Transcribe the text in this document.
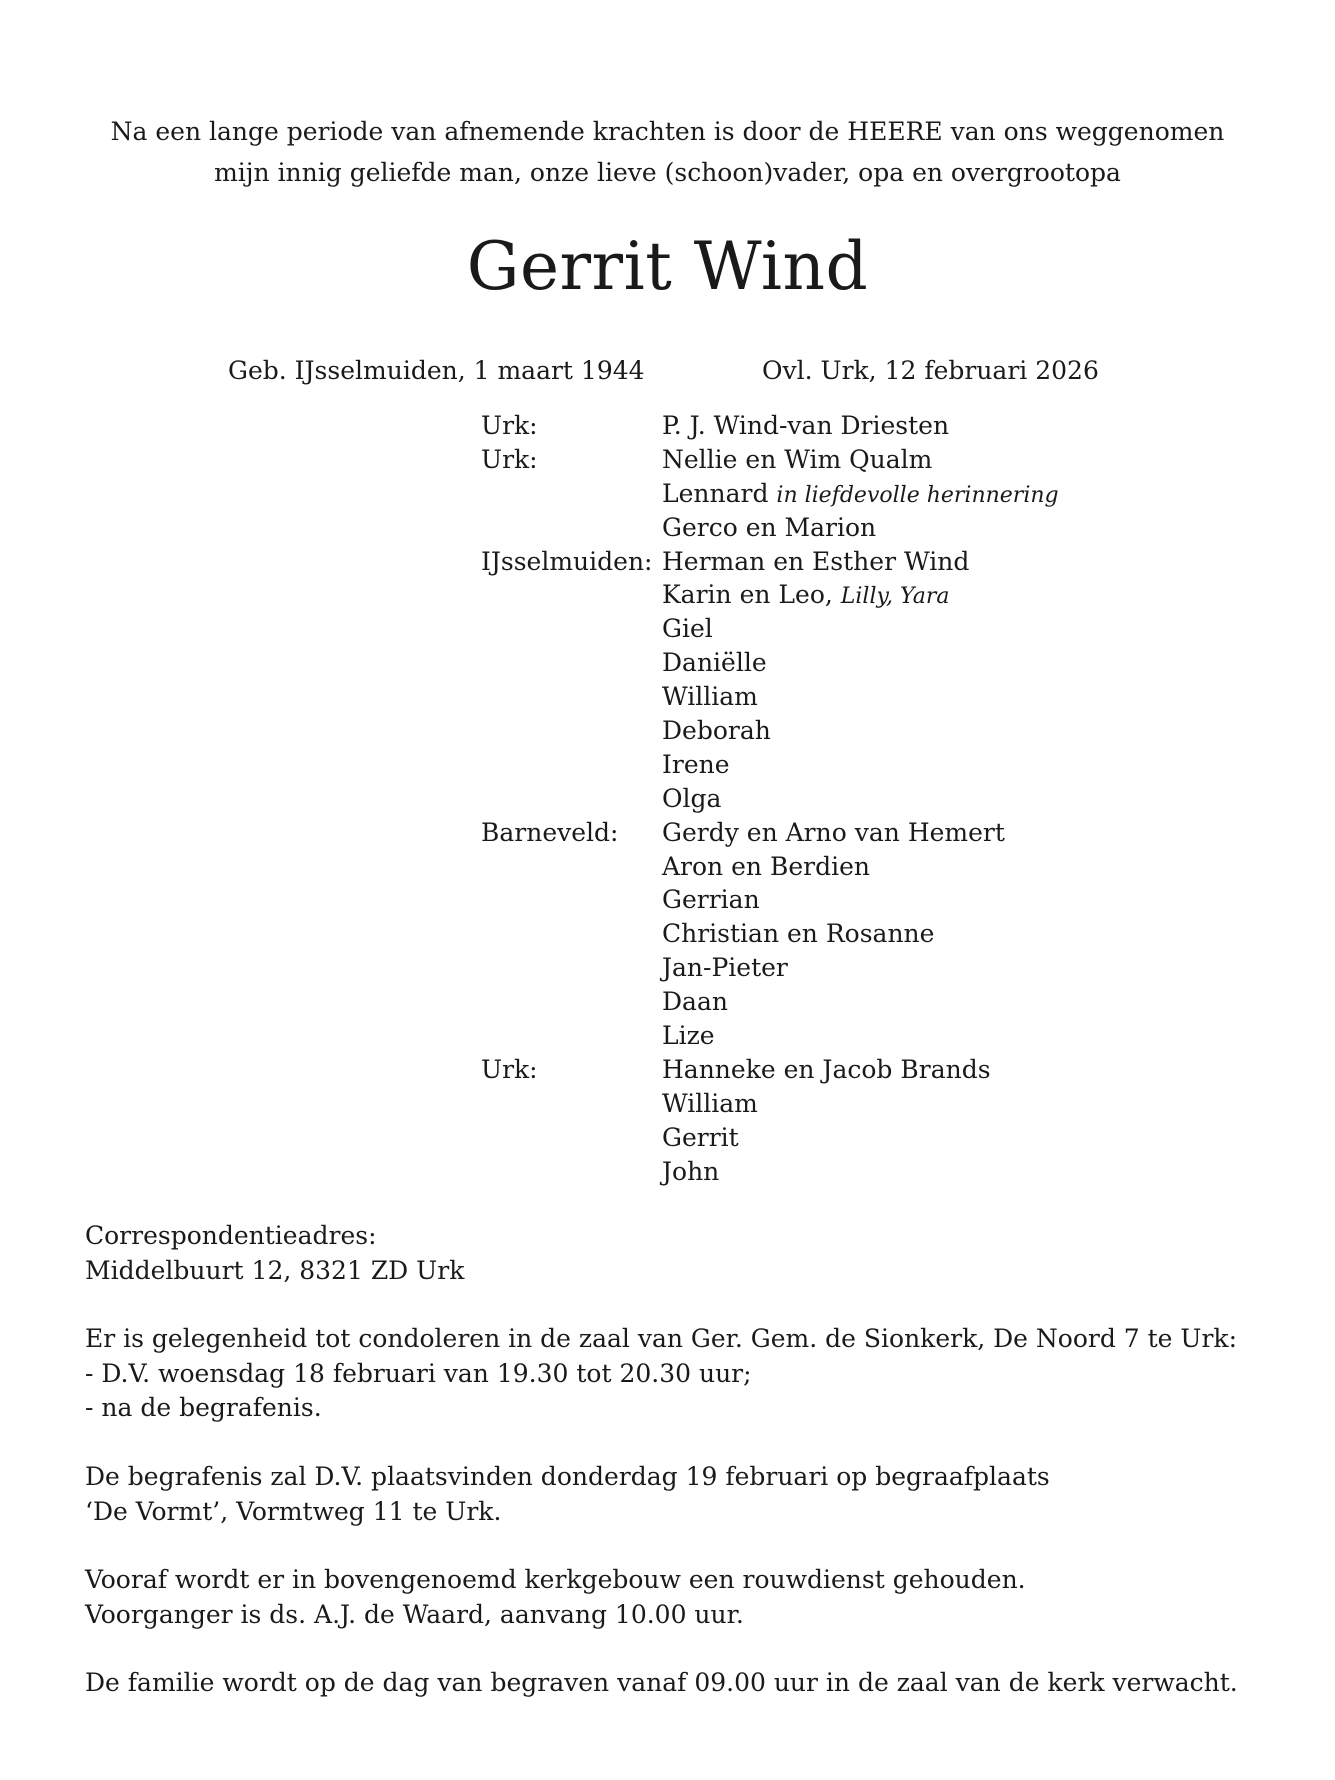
Na een lange periode van afnemende krachten is door de HEERE van ons weggenomen
mijn innig geliefde man, onze lieve (schoon)vader, opa en overgrootopa
Gerrit Wind
Geb. IJsselmuiden, 1 maart 1944	Ovl. Urk, 12 februari 2026
Urk:	P. J. Wind-van Driesten
Urk:	Nellie en Wim Qualm
Lennard in liefdevolle herinnering
Gerco en Marion
IJsselmuiden: Herman en Esther Wind
Karin en Leo, Lilly, Yara
Giel
Daniëlle
William
Deborah
Irene
Olga
Barneveld:	Gerdy en Arno van Hemert
Aron en Berdien
Gerrian
Christian en Rosanne
Jan-Pieter
Daan
Lize
Urk:	Hanneke en Jacob Brands
William
Gerrit
John
Correspondentieadres:
Middelbuurt 12, 8321 ZD Urk
Er is gelegenheid tot condoleren in de zaal van Ger. Gem. de Sionkerk, De Noord 7 te Urk:
- D.V. woensdag 18 februari van 19.30 tot 20.30 uur;
- na de begrafenis.
De begrafenis zal D.V. plaatsvinden donderdag 19 februari op begraafplaats
‘De Vormt’, Vormtweg 11 te Urk.
Vooraf wordt er in bovengenoemd kerkgebouw een rouwdienst gehouden.
Voorganger is ds. A.J. de Waard, aanvang 10.00 uur.
De familie wordt op de dag van begraven vanaf 09.00 uur in de zaal van de kerk verwacht.
